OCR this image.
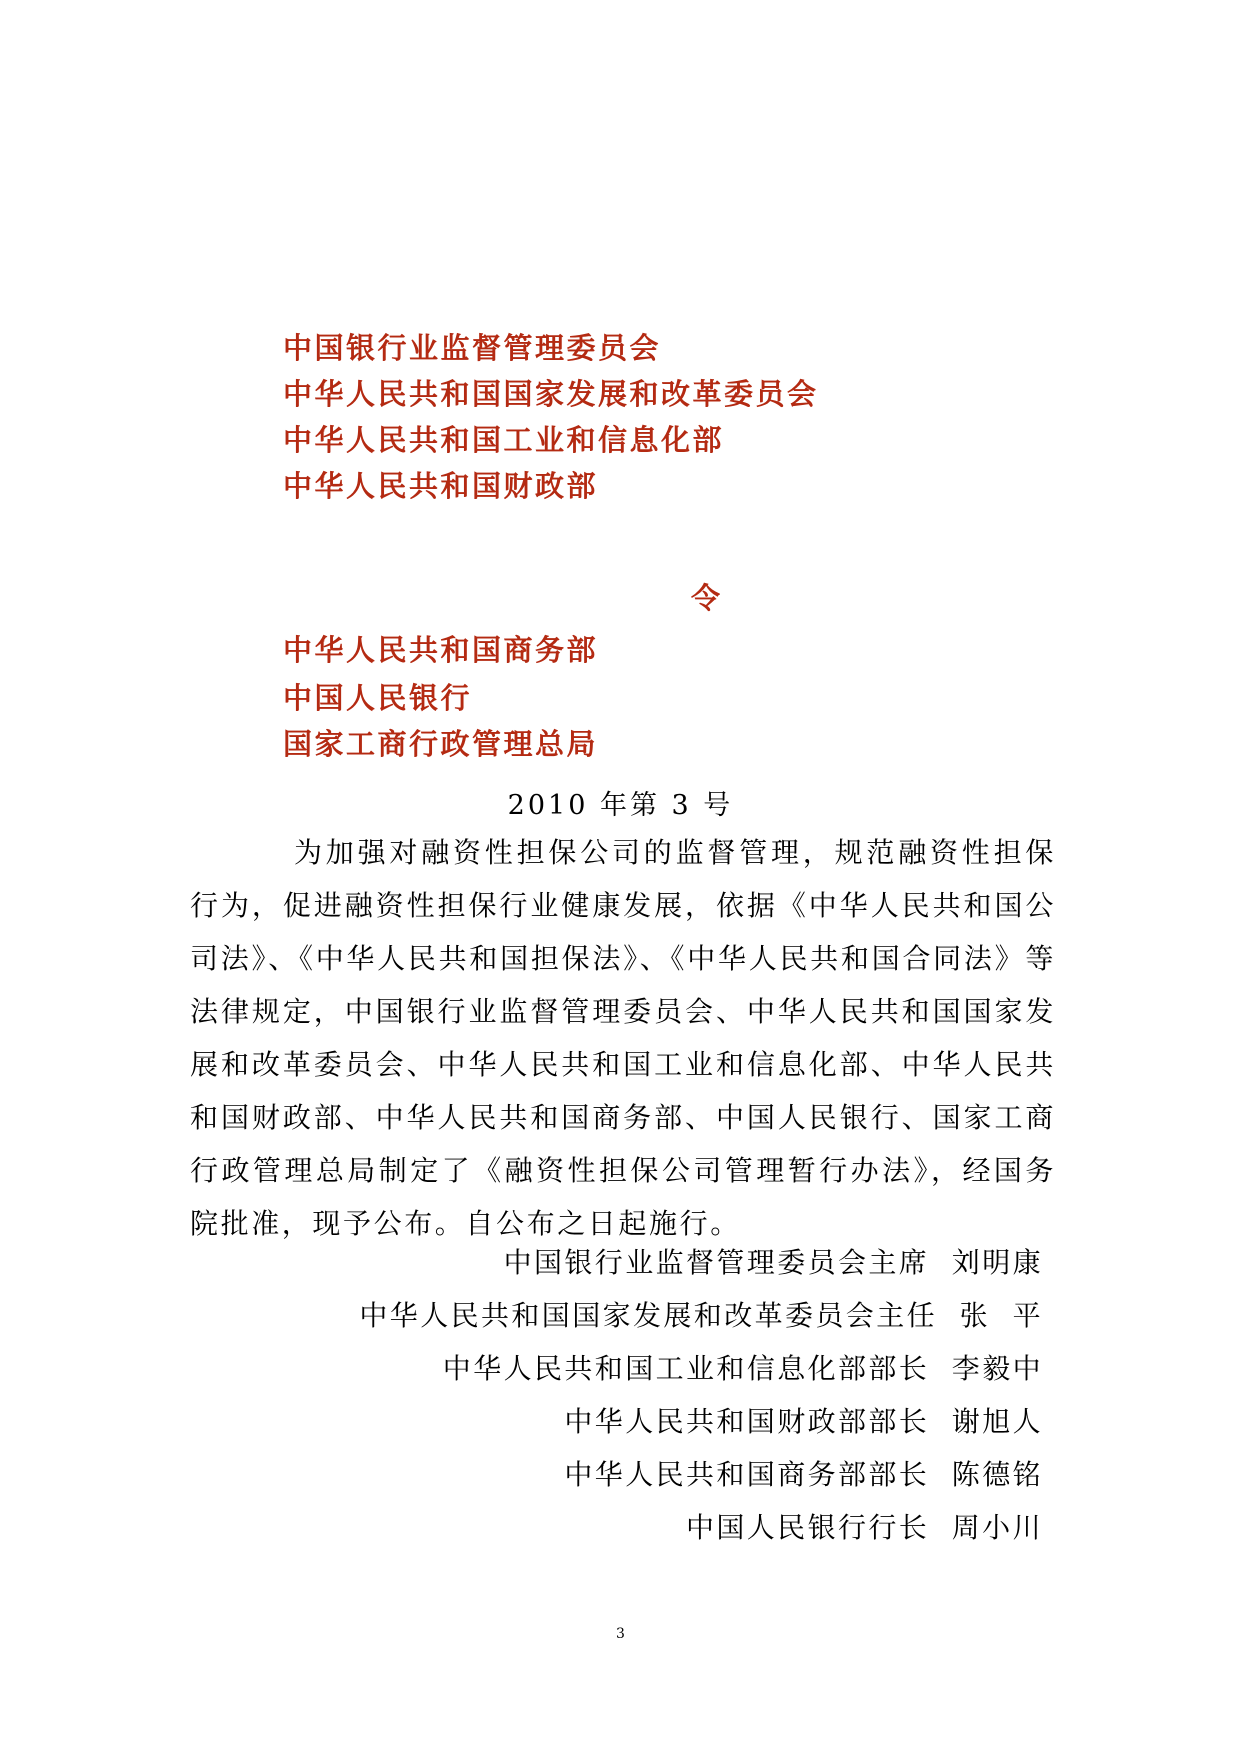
中国银行业监督管理委员会
中华人民共和国国家发展和改革委员会
中华人民共和国工业和信息化部
中华人民共和国财政部
令
中华人民共和国商务部
中国人民银行
国家工商行政管理总局
2010 年第 3 号

为加强对融资性担保公司的监督管理，规范融资性担保行为，促进融资性担保行业健康发展，依据《中华人民共和国公司法》、《中华人民共和国担保法》、《中华人民共和国合同法》等法律规定，中国银行业监督管理委员会、中华人民共和国国家发展和改革委员会、中华人民共和国工业和信息化部、中华人民共和国财政部、中华人民共和国商务部、中国人民银行、国家工商行政管理总局制定了《融资性担保公司管理暂行办法》，经国务院批准，现予公布。自公布之日起施行。

中国银行业监督管理委员会主席  刘明康
中华人民共和国国家发展和改革委员会主任  张  平
中华人民共和国工业和信息化部部长  李毅中
中华人民共和国财政部部长  谢旭人
中华人民共和国商务部部长  陈德铭
中国人民银行行长  周小川
3
